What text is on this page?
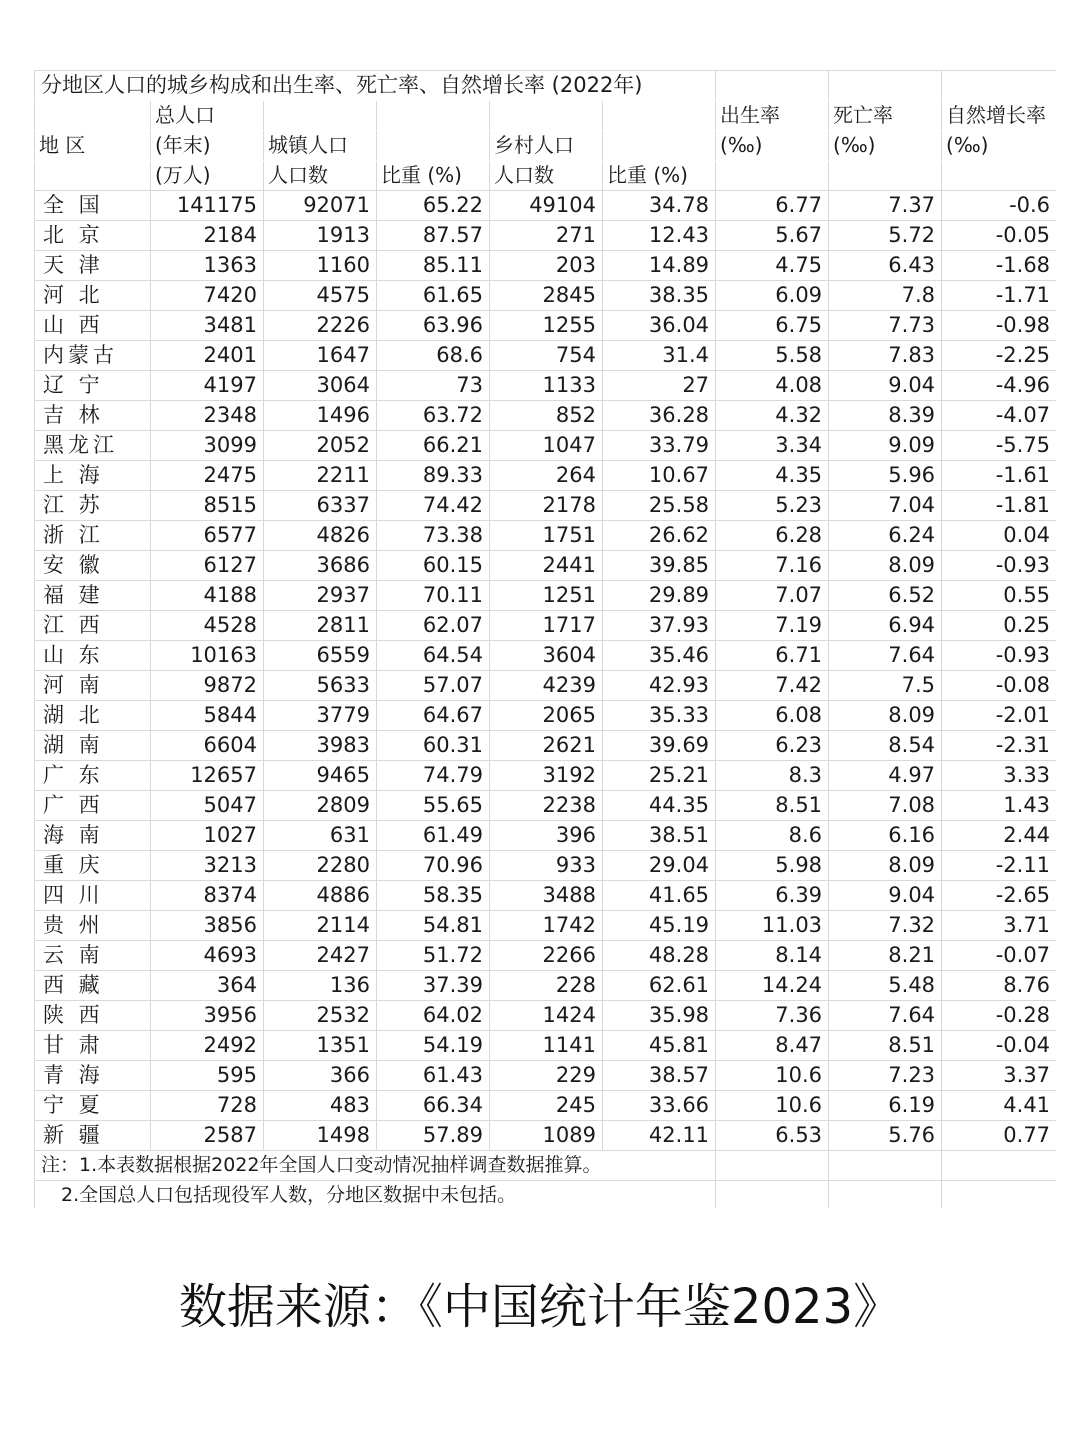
分地区人口的城乡构成和出生率、死亡率、自然增长率 (2022年)								
	总人口					出生率	死亡率	自然增长率
地 区	(年末)	城镇人口		乡村人口		(‰)	(‰)	(‰)
	(万人)	人口数	比重 (%)	人口数	比重 (%)			
全 国	141175	92071	65.22	49104	34.78	6.77	7.37	-0.6
北 京	2184	1913	87.57	271	12.43	5.67	5.72	-0.05
天 津	1363	1160	85.11	203	14.89	4.75	6.43	-1.68
河 北	7420	4575	61.65	2845	38.35	6.09	7.8	-1.71
山 西	3481	2226	63.96	1255	36.04	6.75	7.73	-0.98
内蒙古	2401	1647	68.6	754	31.4	5.58	7.83	-2.25
辽 宁	4197	3064	73	1133	27	4.08	9.04	-4.96
吉 林	2348	1496	63.72	852	36.28	4.32	8.39	-4.07
黑龙江	3099	2052	66.21	1047	33.79	3.34	9.09	-5.75
上 海	2475	2211	89.33	264	10.67	4.35	5.96	-1.61
江 苏	8515	6337	74.42	2178	25.58	5.23	7.04	-1.81
浙 江	6577	4826	73.38	1751	26.62	6.28	6.24	0.04
安 徽	6127	3686	60.15	2441	39.85	7.16	8.09	-0.93
福 建	4188	2937	70.11	1251	29.89	7.07	6.52	0.55
江 西	4528	2811	62.07	1717	37.93	7.19	6.94	0.25
山 东	10163	6559	64.54	3604	35.46	6.71	7.64	-0.93
河 南	9872	5633	57.07	4239	42.93	7.42	7.5	-0.08
湖 北	5844	3779	64.67	2065	35.33	6.08	8.09	-2.01
湖 南	6604	3983	60.31	2621	39.69	6.23	8.54	-2.31
广 东	12657	9465	74.79	3192	25.21	8.3	4.97	3.33
广 西	5047	2809	55.65	2238	44.35	8.51	7.08	1.43
海 南	1027	631	61.49	396	38.51	8.6	6.16	2.44
重 庆	3213	2280	70.96	933	29.04	5.98	8.09	-2.11
四 川	8374	4886	58.35	3488	41.65	6.39	9.04	-2.65
贵 州	3856	2114	54.81	1742	45.19	11.03	7.32	3.71
云 南	4693	2427	51.72	2266	48.28	8.14	8.21	-0.07
西 藏	364	136	37.39	228	62.61	14.24	5.48	8.76
陕 西	3956	2532	64.02	1424	35.98	7.36	7.64	-0.28
甘 肃	2492	1351	54.19	1141	45.81	8.47	8.51	-0.04
青 海	595	366	61.43	229	38.57	10.6	7.23	3.37
宁 夏	728	483	66.34	245	33.66	10.6	6.19	4.41
新 疆	2587	1498	57.89	1089	42.11	6.53	5.76	0.77
注：1.本表数据根据2022年全国人口变动情况抽样调查数据推算。								
2.全国总人口包括现役军人数，分地区数据中未包括。								
数据来源：《中国统计年鉴2023》
